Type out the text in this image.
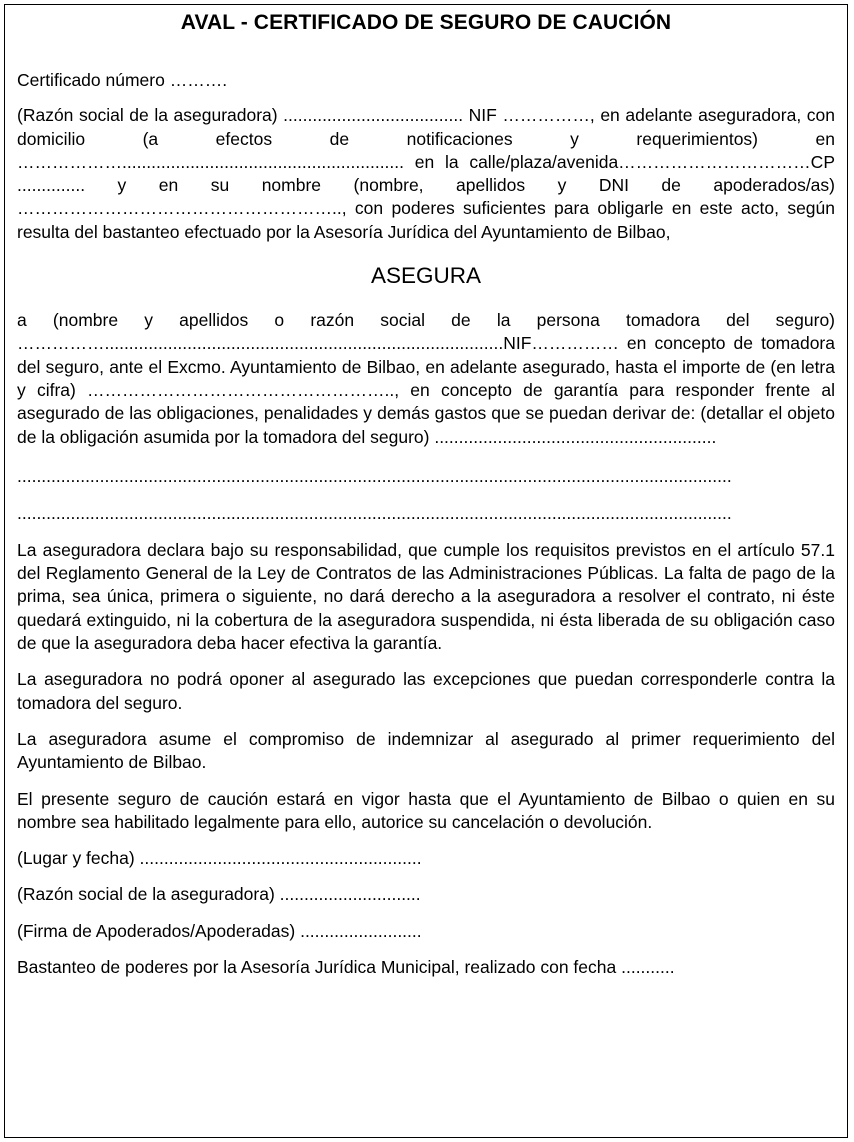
AVAL - CERTIFICADO DE SEGURO DE CAUCIÓN

Certificado número ……….

(Razón social de la aseguradora) ..................................... NIF ……………, en adelante aseguradora, con domicilio (a efectos de notificaciones y requerimientos) en ……………….......................................................... en la calle/plaza/avenida……………………………CP .............. y en su nombre (nombre, apellidos y DNI de apoderados/as) ……………………………………………….., con poderes suficientes para obligarle en este acto, según resulta del bastanteo efectuado por la Asesoría Jurídica del Ayuntamiento de Bilbao,

ASEGURA

a (nombre y apellidos o razón social de la persona tomadora del seguro) ……………..................................................................................NIF…………… en concepto de tomadora del seguro, ante el Excmo. Ayuntamiento de Bilbao, en adelante asegurado, hasta el importe de (en letra y cifra) …………………………………………….., en concepto de garantía para responder frente al asegurado de las obligaciones, penalidades y demás gastos que se puedan derivar de: (detallar el objeto de la obligación asumida por la tomadora del seguro) ..........................................................

...................................................................................................................................................

...................................................................................................................................................

La aseguradora declara bajo su responsabilidad, que cumple los requisitos previstos en el artículo 57.1 del Reglamento General de la Ley de Contratos de las Administraciones Públicas. La falta de pago de la prima, sea única, primera o siguiente, no dará derecho a la aseguradora a resolver el contrato, ni éste quedará extinguido, ni la cobertura de la aseguradora suspendida, ni ésta liberada de su obligación caso de que la aseguradora deba hacer efectiva la garantía.

La aseguradora no podrá oponer al asegurado las excepciones que puedan corresponderle contra la tomadora del seguro.

La aseguradora asume el compromiso de indemnizar al asegurado al primer requerimiento del Ayuntamiento de Bilbao.

El presente seguro de caución estará en vigor hasta que el Ayuntamiento de Bilbao o quien en su nombre sea habilitado legalmente para ello, autorice su cancelación o devolución.

(Lugar y fecha) ..........................................................

(Razón social de la aseguradora) .............................

(Firma de Apoderados/Apoderadas) .........................

Bastanteo de poderes por la Asesoría Jurídica Municipal, realizado con fecha ...........
